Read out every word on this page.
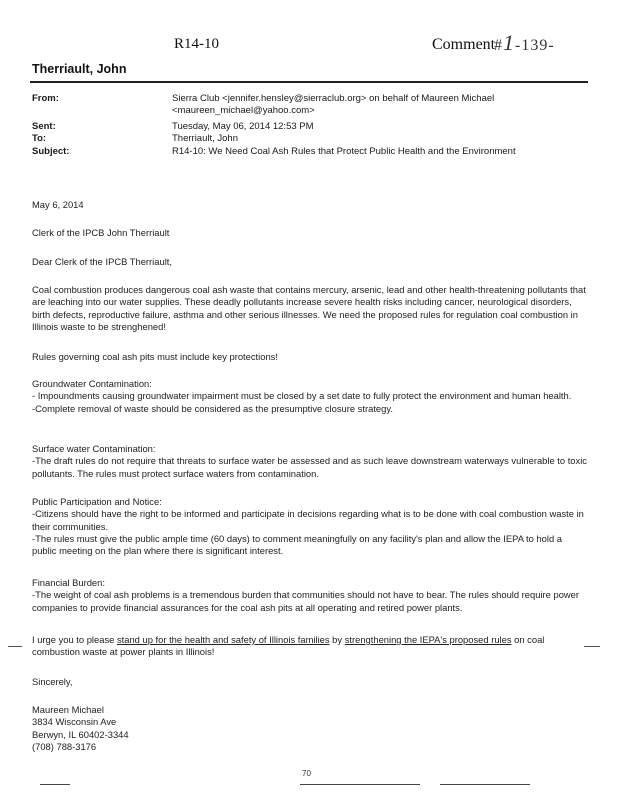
R14-10	Comment
#1-139-
Therriault, John
From:	Sierra Club <jennifer.hensley@sierraclub.org> on behalf of Maureen Michael
<maureen_michael@yahoo.com>
Sent:	Tuesday, May 06, 2014 12:53 PM
To:	Therriault, John
Subject:	R14-10: We Need Coal Ash Rules that Protect Public Health and the Environment
May 6, 2014
Clerk of the IPCB John Therriault
Dear Clerk of the IPCB Therriault,
Coal combustion produces dangerous coal ash waste that contains mercury, arsenic, lead and other health-threatening pollutants that are leaching into our water supplies. These deadly pollutants increase severe health risks including cancer, neurological disorders, birth defects, reproductive failure, asthma and other serious illnesses. We need the proposed rules for regulation coal combustion in Illinois waste to be strenghened!
Rules governing coal ash pits must include key protections!

Groundwater Contamination:

- Impoundments causing groundwater impairment must be closed by a set date to fully protect the environment and human health.

-Complete removal of waste should be considered as the presumptive closure strategy.

Surface water Contamination:

-The draft rules do not require that threats to surface water be assessed and as such leave downstream waterways vulnerable to toxic pollutants. The rules must protect surface waters from contamination.

Public Participation and Notice:

-Citizens should have the right to be informed and participate in decisions regarding what is to be done with coal combustion waste in their communities.

-The rules must give the public ample time (60 days) to comment meaningfully on any facility's plan and allow the IEPA to hold a public meeting on the plan where there is significant interest.

Financial Burden:

-The weight of coal ash problems is a tremendous burden that communities should not have to bear. The rules should require power companies to provide financial assurances for the coal ash pits at all operating and retired power plants.

I urge you to please stand up for the health and safety of Illinois families by strengthening the IEPA's proposed rules on coal combustion waste at power plants in Illinois!
Sincerely,

Maureen Michael

3834 Wisconsin Ave

Berwyn, IL 60402-3344

(708) 788-3176

70
